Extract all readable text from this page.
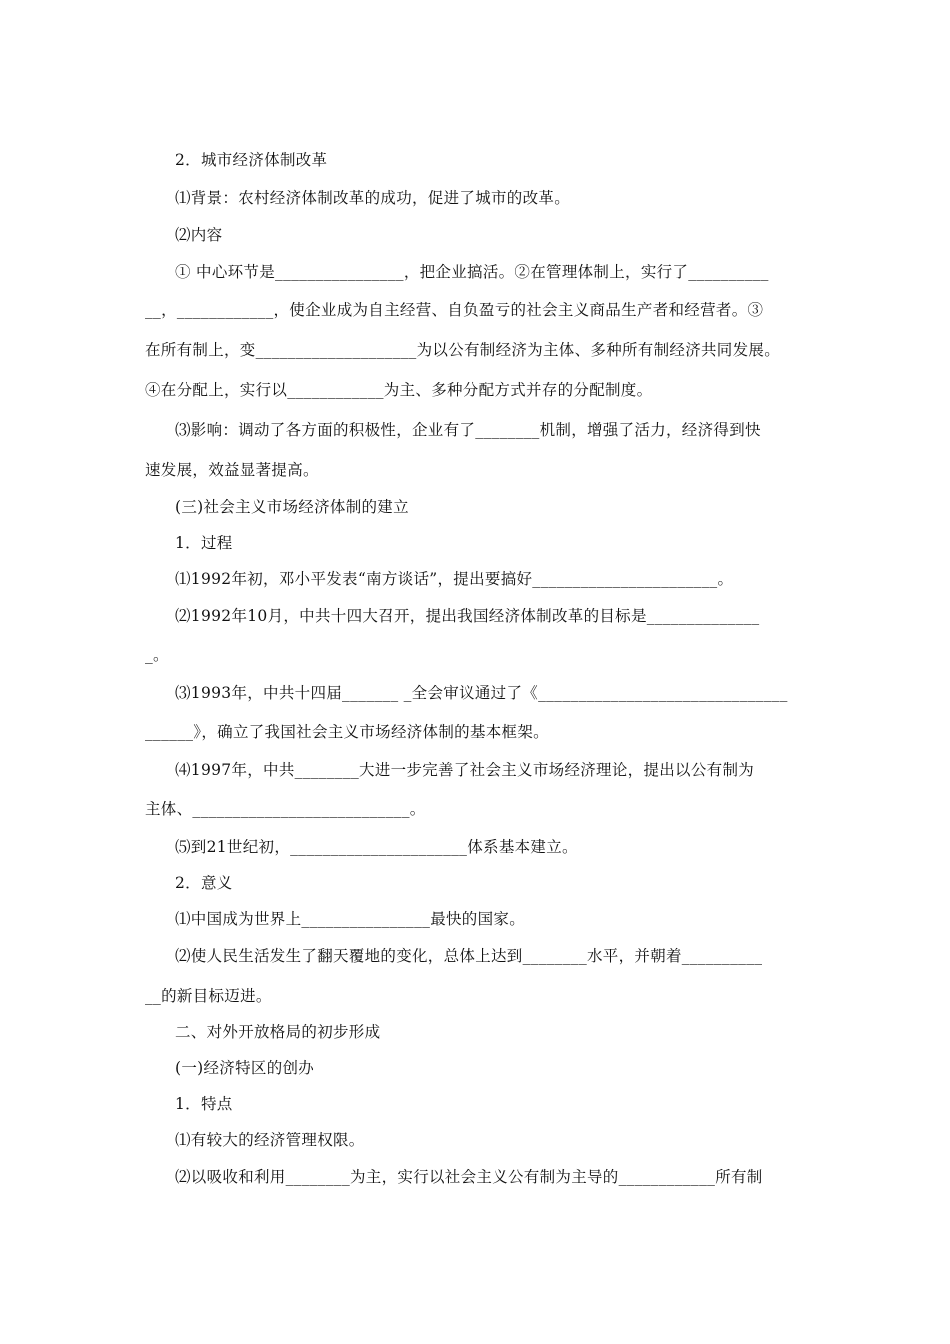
2．城市经济体制改革
⑴背景：农村经济体制改革的成功，促进了城市的改革。
⑵内容
① 中心环节是________________，把企业搞活。②在管理体制上，实行了__________
__，____________，使企业成为自主经营、自负盈亏的社会主义商品生产者和经营者。③
在所有制上，变____________________为以公有制经济为主体、多种所有制经济共同发展。
④在分配上，实行以____________为主、多种分配方式并存的分配制度。
⑶影响：调动了各方面的积极性，企业有了________机制，增强了活力，经济得到快
速发展，效益显著提高。
(三)社会主义市场经济体制的建立
1．过程
⑴1992年初，邓小平发表“南方谈话”，提出要搞好_______________________。
⑵1992年10月，中共十四大召开，提出我国经济体制改革的目标是______________
_。
⑶1993年，中共十四届_______ _全会审议通过了《_______________________________
______》，确立了我国社会主义市场经济体制的基本框架。
⑷1997年，中共________大进一步完善了社会主义市场经济理论，提出以公有制为
主体、___________________________。
⑸到21世纪初，______________________体系基本建立。
2．意义
⑴中国成为世界上________________最快的国家。
⑵使人民生活发生了翻天覆地的变化，总体上达到________水平，并朝着__________
__的新目标迈进。
二、对外开放格局的初步形成
(一)经济特区的创办
1．特点
⑴有较大的经济管理权限。
⑵以吸收和利用________为主，实行以社会主义公有制为主导的____________所有制
